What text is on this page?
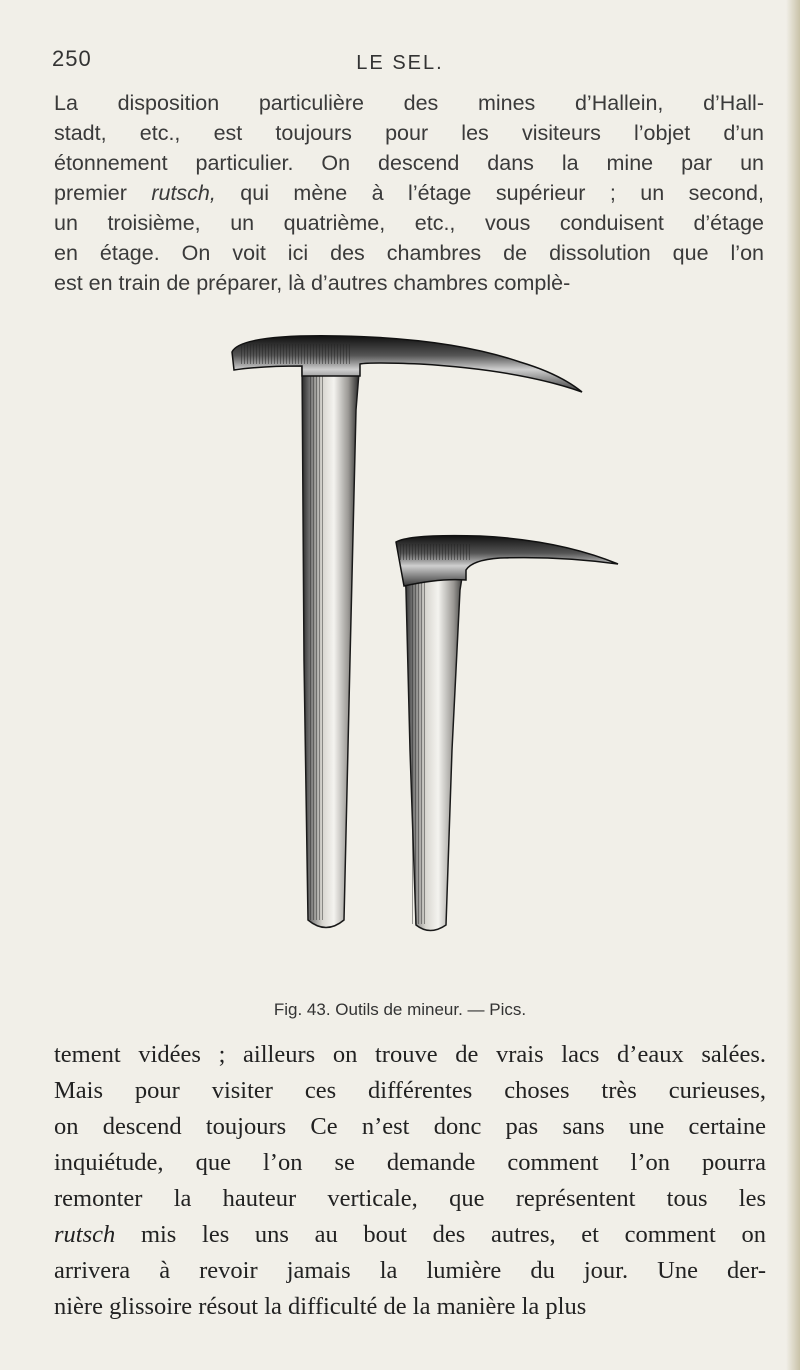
250	LE SEL.
La disposition particulière des mines d’Hallein, d’Hall-
stadt, etc., est toujours pour les visiteurs l’objet d’un
étonnement particulier. On descend dans la mine par un
premier rutsch, qui mène à l’étage supérieur ; un second,
un troisième, un quatrième, etc., vous conduisent d’étage
en étage. On voit ici des chambres de dissolution que l’on
est en train de préparer, là d’autres chambres complè-
Fig. 43. Outils de mineur. — Pics.
tement vidées ; ailleurs on trouve de vrais lacs d’eaux salées.
Mais pour visiter ces différentes choses très curieuses,
on descend toujours Ce n’est donc pas sans une certaine
inquiétude, que l’on se demande comment l’on pourra
remonter la hauteur verticale, que représentent tous les
rutsch mis les uns au bout des autres, et comment on
arrivera à revoir jamais la lumière du jour. Une der-
nière glissoire résout la difficulté de la manière la plus
